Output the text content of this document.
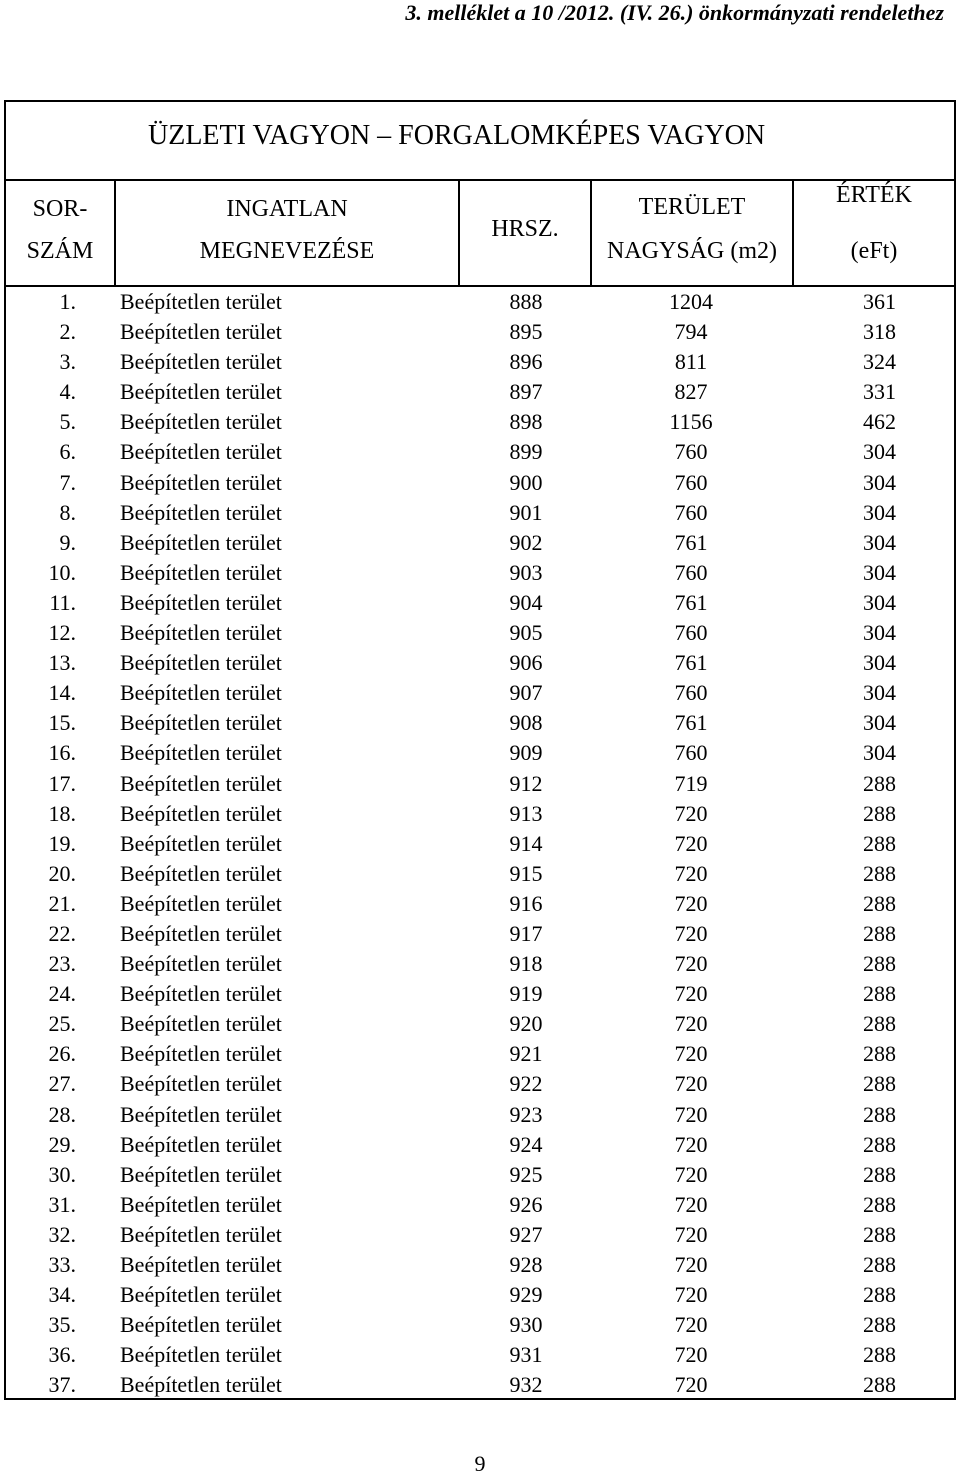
3. melléklet a 10 /2012. (IV. 26.) önkormányzati rendelethez
ÜZLETI VAGYON – FORGALOMKÉPES VAGYON
SOR-
SZÁM
INGATLAN
MEGNEVEZÉSE
HRSZ.
TERÜLET
NAGYSÁG (m2)
ÉRTÉK
(eFt)
1. Beépítetlen terület	888	1204	361
2. Beépítetlen terület	895	794	318
3. Beépítetlen terület	896	811	324
4. Beépítetlen terület	897	827	331
5. Beépítetlen terület	898	1156	462
6. Beépítetlen terület	899	760	304
7. Beépítetlen terület	900	760	304
8. Beépítetlen terület	901	760	304
9. Beépítetlen terület	902	761	304
10. Beépítetlen terület	903	760	304
11. Beépítetlen terület	904	761	304
12. Beépítetlen terület	905	760	304
13. Beépítetlen terület	906	761	304
14. Beépítetlen terület	907	760	304
15. Beépítetlen terület	908	761	304
16. Beépítetlen terület	909	760	304
17. Beépítetlen terület	912	719	288
18. Beépítetlen terület	913	720	288
19. Beépítetlen terület	914	720	288
20. Beépítetlen terület	915	720	288
21. Beépítetlen terület	916	720	288
22. Beépítetlen terület	917	720	288
23. Beépítetlen terület	918	720	288
24. Beépítetlen terület	919	720	288
25. Beépítetlen terület	920	720	288
26. Beépítetlen terület	921	720	288
27. Beépítetlen terület	922	720	288
28. Beépítetlen terület	923	720	288
29. Beépítetlen terület	924	720	288
30. Beépítetlen terület	925	720	288
31. Beépítetlen terület	926	720	288
32. Beépítetlen terület	927	720	288
33. Beépítetlen terület	928	720	288
34. Beépítetlen terület	929	720	288
35. Beépítetlen terület	930	720	288
36. Beépítetlen terület	931	720	288
37. Beépítetlen terület	932	720	288
9
